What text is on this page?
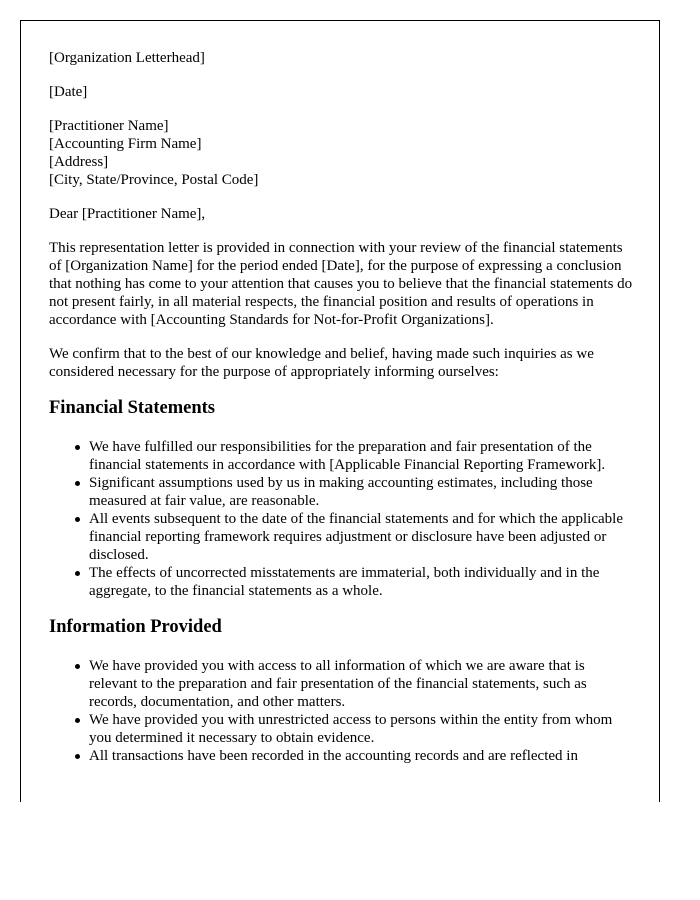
[Organization Letterhead]

[Date]

[Practitioner Name]

[Accounting Firm Name]

[Address]

[City, State/Province, Postal Code]

Dear [Practitioner Name],

This representation letter is provided in connection with your review of the financial statements of [Organization Name] for the period ended [Date], for the purpose of expressing a conclusion that nothing has come to your attention that causes you to believe that the financial statements do not present fairly, in all material respects, the financial position and results of operations in accordance with [Accounting Standards for Not-for-Profit Organizations].

We confirm that to the best of our knowledge and belief, having made such inquiries as we considered necessary for the purpose of appropriately informing ourselves:

Financial Statements
We have fulfilled our responsibilities for the preparation and fair presentation of the financial statements in accordance with [Applicable Financial Reporting Framework].
Significant assumptions used by us in making accounting estimates, including those measured at fair value, are reasonable.
All events subsequent to the date of the financial statements and for which the applicable financial reporting framework requires adjustment or disclosure have been adjusted or disclosed.
The effects of uncorrected misstatements are immaterial, both individually and in the aggregate, to the financial statements as a whole.
Information Provided
We have provided you with access to all information of which we are aware that is relevant to the preparation and fair presentation of the financial statements, such as records, documentation, and other matters.
We have provided you with unrestricted access to persons within the entity from whom you determined it necessary to obtain evidence.
All transactions have been recorded in the accounting records and are reflected in
